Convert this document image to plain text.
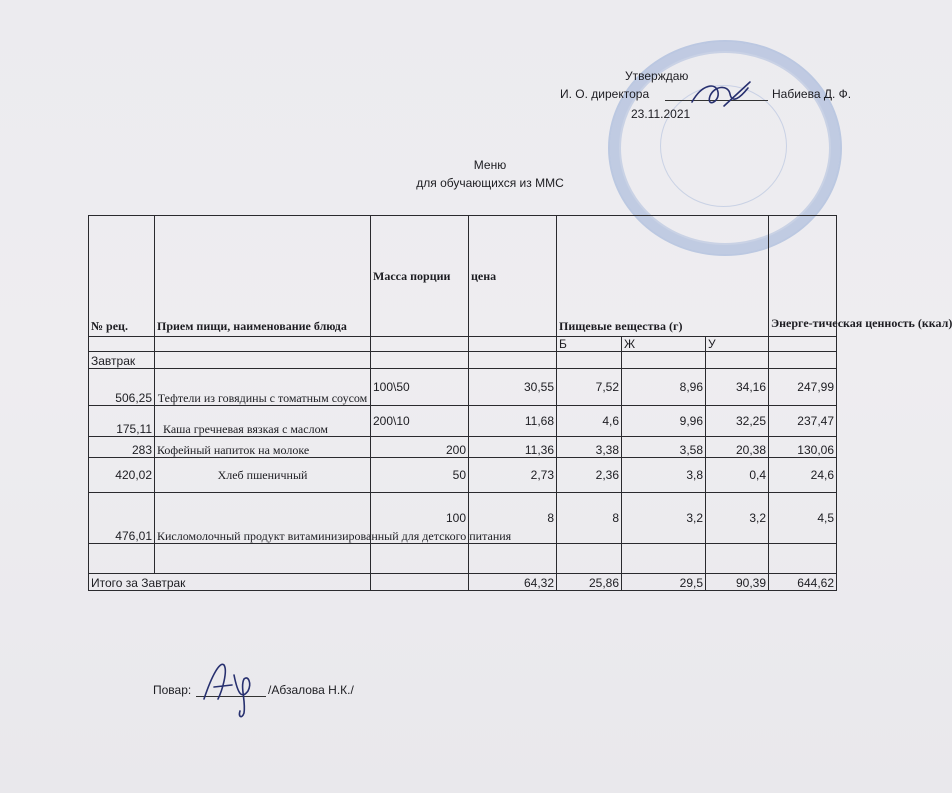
Утверждаю
И. О. директора	Набиева Д. Ф.
23.11.2021
Меню
для обучающихся из ММС
№ рец.	Прием пищи, наименование блюда	Масса порции	цена	Пищевые вещества (г)			Энерге-тическая ценность (ккал)
				Б	Ж	У	
Завтрак							
506,25	Тефтели из говядины с томатным соусом	100\50	30,55	7,52	8,96	34,16	247,99
175,11	Каша гречневая вязкая с маслом	200\10	11,68	4,6	9,96	32,25	237,47
283	Кофейный напиток на молоке	200	11,36	3,38	3,58	20,38	130,06
420,02	Хлеб пшеничный	50	2,73	2,36	3,8	0,4	24,6
476,01	Кисломолочный продукт витаминизированный для детского питания	100	8	8	3,2	3,2	4,5

Итого за Завтрак			64,32	25,86	29,5	90,39	644,62
Повар:	/Абзалова Н.К./
